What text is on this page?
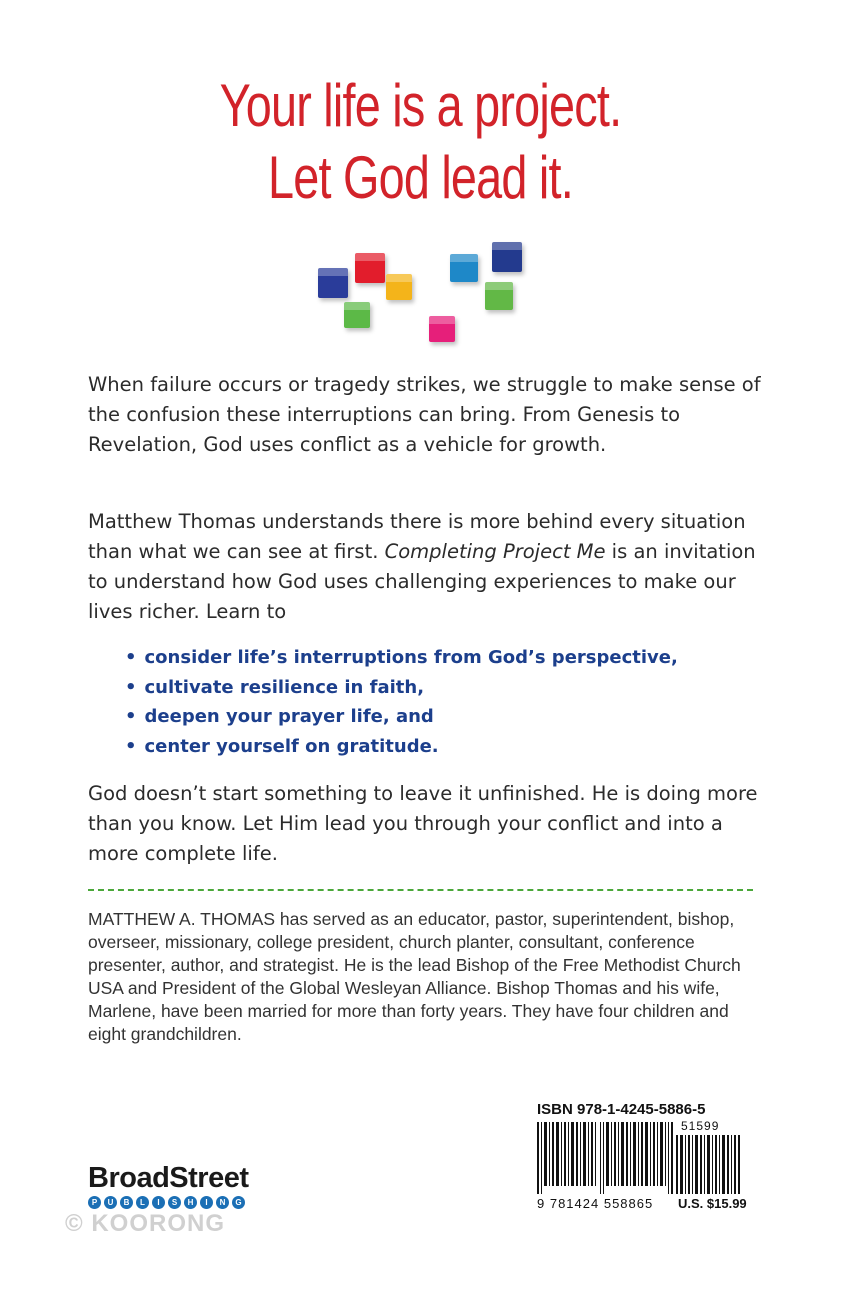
Your life is a project.
Let God lead it.

When failure occurs or tragedy strikes, we struggle to make sense of the confusion these interruptions can bring. From Genesis to Revelation, God uses conflict as a vehicle for growth.

Matthew Thomas understands there is more behind every situation than what we can see at first. Completing Project Me is an invitation to understand how God uses challenging experiences to make our lives richer. Learn to

• consider life’s interruptions from God’s perspective,
• cultivate resilience in faith,
• deepen your prayer life, and
• center yourself on gratitude.

God doesn’t start something to leave it unfinished. He is doing more than you know. Let Him lead you through your conflict and into a more complete life.

MATTHEW A. THOMAS has served as an educator, pastor, superintendent, bishop, overseer, missionary, college president, church planter, consultant, conference presenter, author, and strategist. He is the lead Bishop of the Free Methodist Church USA and President of the Global Wesleyan Alliance. Bishop Thomas and his wife, Marlene, have been married for more than forty years. They have four children and eight grandchildren.
ISBN 978-1-4245-5886-5
51599
9 781424 558865 U.S. $15.99
BroadStreet
P	U	B	L	I	S	H	I	N	G
© KOORONG
